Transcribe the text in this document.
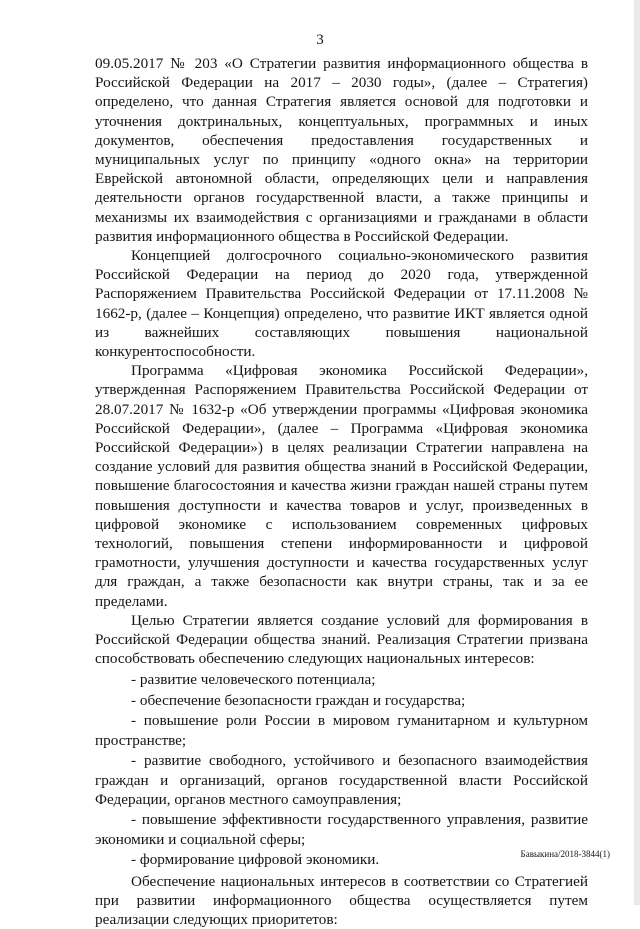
3

09.05.2017 № 203 «О Стратегии развития информационного общества в Российской Федерации на 2017 – 2030 годы», (далее – Стратегия) определено, что данная Стратегия является основой для подготовки и уточнения доктринальных, концептуальных, программных и иных документов, обеспечения предоставления государственных и муниципальных услуг по принципу «одного окна» на территории Еврейской автономной области, определяющих цели и направления деятельности органов государственной власти, а также принципы и механизмы их взаимодействия с организациями и гражданами в области развития информационного общества в Российской Федерации.

Концепцией долгосрочного социально-экономического развития Российской Федерации на период до 2020 года, утвержденной Распоряжением Правительства Российской Федерации от 17.11.2008 № 1662-р, (далее – Концепция) определено, что развитие ИКТ является одной из важнейших составляющих повышения национальной конкурентоспособности.

Программа «Цифровая экономика Российской Федерации», утвержденная Распоряжением Правительства Российской Федерации от 28.07.2017 № 1632-р «Об утверждении программы «Цифровая экономика Российской Федерации», (далее – Программа «Цифровая экономика Российской Федерации») в целях реализации Стратегии направлена на создание условий для развития общества знаний в Российской Федерации, повышение благосостояния и качества жизни граждан нашей страны путем повышения доступности и качества товаров и услуг, произведенных в цифровой экономике с использованием современных цифровых технологий, повышения степени информированности и цифровой грамотности, улучшения доступности и качества государственных услуг для граждан, а также безопасности как внутри страны, так и за ее пределами.

Целью Стратегии является создание условий для формирования в Российской Федерации общества знаний. Реализация Стратегии призвана способствовать обеспечению следующих национальных интересов:

- развитие человеческого потенциала;

- обеспечение безопасности граждан и государства;

- повышение роли России в мировом гуманитарном и культурном пространстве;

- развитие свободного, устойчивого и безопасного взаимодействия граждан и организаций, органов государственной власти Российской Федерации, органов местного самоуправления;

- повышение эффективности государственного управления, развитие экономики и социальной сферы;

- формирование цифровой экономики.

Обеспечение национальных интересов в соответствии со Стратегией при развитии информационного общества осуществляется путем реализации следующих приоритетов:

Бавыкина/2018-3844(1)
